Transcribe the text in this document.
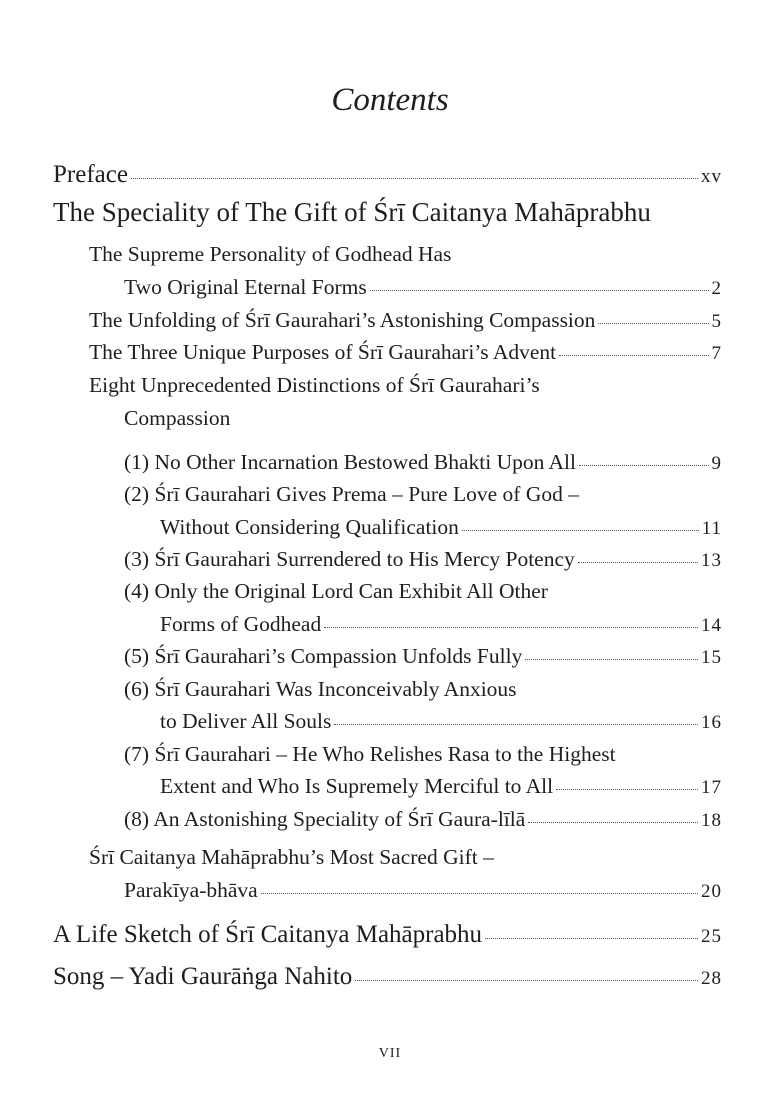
Contents
Preface	xv
The Speciality of The Gift of Śrī Caitanya Mahāprabhu
The Supreme Personality of Godhead Has
Two Original Eternal Forms	2
The Unfolding of Śrī Gaurahari’s Astonishing Compassion	5
The Three Unique Purposes of Śrī Gaurahari’s Advent	7
Eight Unprecedented Distinctions of Śrī Gaurahari’s
Compassion
(1) No Other Incarnation Bestowed Bhakti Upon All	9
(2) Śrī Gaurahari Gives Prema – Pure Love of God –
Without Considering Qualification	11
(3) Śrī Gaurahari Surrendered to His Mercy Potency	13
(4) Only the Original Lord Can Exhibit All Other
Forms of Godhead	14
(5) Śrī Gaurahari’s Compassion Unfolds Fully	15
(6) Śrī Gaurahari Was Inconceivably Anxious
to Deliver All Souls	16
(7) Śrī Gaurahari – He Who Relishes Rasa to the Highest
Extent and Who Is Supremely Merciful to All	17
(8) An Astonishing Speciality of Śrī Gaura-līlā	18
Śrī Caitanya Mahāprabhu’s Most Sacred Gift –
Parakīya-bhāva	20
A Life Sketch of Śrī Caitanya Mahāprabhu	25
Song – Yadi Gaurāṅga Nahito	28
VII
